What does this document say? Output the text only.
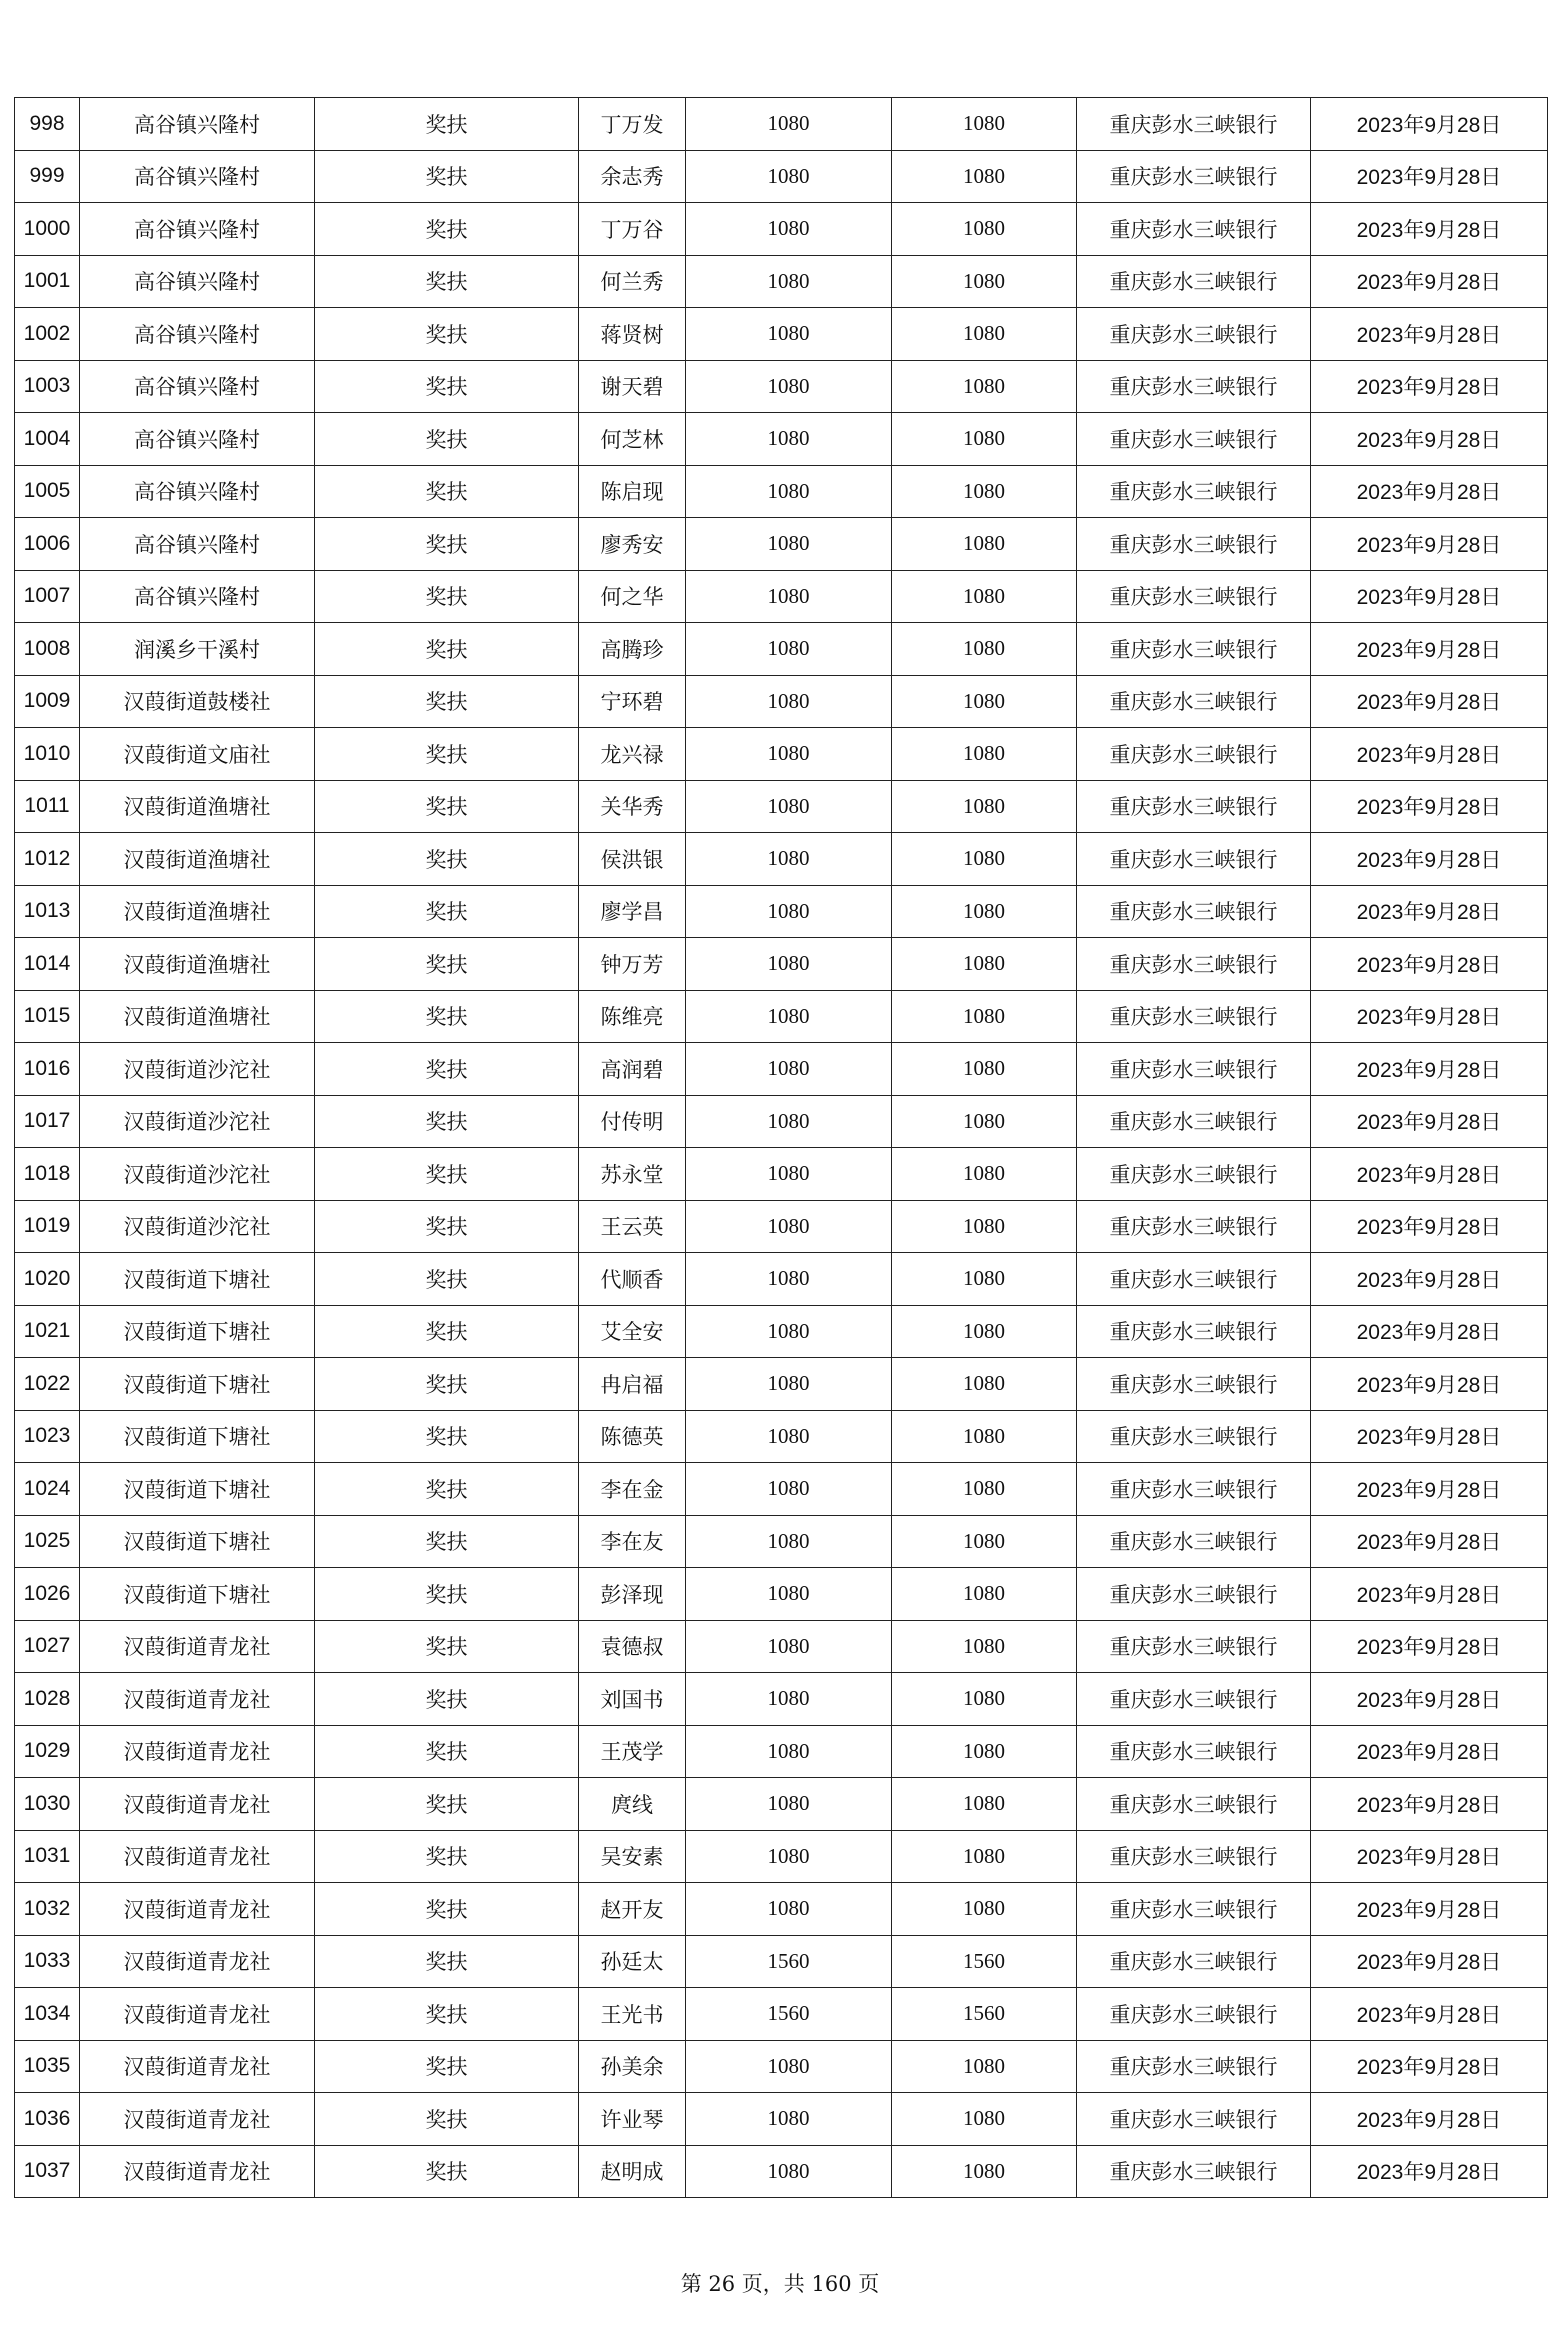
998	高谷镇兴隆村	奖扶	丁万发	1080	1080	重庆彭水三峡银行	2023年9月28日
999	高谷镇兴隆村	奖扶	余志秀	1080	1080	重庆彭水三峡银行	2023年9月28日
1000	高谷镇兴隆村	奖扶	丁万谷	1080	1080	重庆彭水三峡银行	2023年9月28日
1001	高谷镇兴隆村	奖扶	何兰秀	1080	1080	重庆彭水三峡银行	2023年9月28日
1002	高谷镇兴隆村	奖扶	蒋贤树	1080	1080	重庆彭水三峡银行	2023年9月28日
1003	高谷镇兴隆村	奖扶	谢天碧	1080	1080	重庆彭水三峡银行	2023年9月28日
1004	高谷镇兴隆村	奖扶	何芝林	1080	1080	重庆彭水三峡银行	2023年9月28日
1005	高谷镇兴隆村	奖扶	陈启现	1080	1080	重庆彭水三峡银行	2023年9月28日
1006	高谷镇兴隆村	奖扶	廖秀安	1080	1080	重庆彭水三峡银行	2023年9月28日
1007	高谷镇兴隆村	奖扶	何之华	1080	1080	重庆彭水三峡银行	2023年9月28日
1008	润溪乡干溪村	奖扶	高腾珍	1080	1080	重庆彭水三峡银行	2023年9月28日
1009	汉葭街道鼓楼社	奖扶	宁环碧	1080	1080	重庆彭水三峡银行	2023年9月28日
1010	汉葭街道文庙社	奖扶	龙兴禄	1080	1080	重庆彭水三峡银行	2023年9月28日
1011	汉葭街道渔塘社	奖扶	关华秀	1080	1080	重庆彭水三峡银行	2023年9月28日
1012	汉葭街道渔塘社	奖扶	侯洪银	1080	1080	重庆彭水三峡银行	2023年9月28日
1013	汉葭街道渔塘社	奖扶	廖学昌	1080	1080	重庆彭水三峡银行	2023年9月28日
1014	汉葭街道渔塘社	奖扶	钟万芳	1080	1080	重庆彭水三峡银行	2023年9月28日
1015	汉葭街道渔塘社	奖扶	陈维亮	1080	1080	重庆彭水三峡银行	2023年9月28日
1016	汉葭街道沙沱社	奖扶	高润碧	1080	1080	重庆彭水三峡银行	2023年9月28日
1017	汉葭街道沙沱社	奖扶	付传明	1080	1080	重庆彭水三峡银行	2023年9月28日
1018	汉葭街道沙沱社	奖扶	苏永堂	1080	1080	重庆彭水三峡银行	2023年9月28日
1019	汉葭街道沙沱社	奖扶	王云英	1080	1080	重庆彭水三峡银行	2023年9月28日
1020	汉葭街道下塘社	奖扶	代顺香	1080	1080	重庆彭水三峡银行	2023年9月28日
1021	汉葭街道下塘社	奖扶	艾全安	1080	1080	重庆彭水三峡银行	2023年9月28日
1022	汉葭街道下塘社	奖扶	冉启福	1080	1080	重庆彭水三峡银行	2023年9月28日
1023	汉葭街道下塘社	奖扶	陈德英	1080	1080	重庆彭水三峡银行	2023年9月28日
1024	汉葭街道下塘社	奖扶	李在金	1080	1080	重庆彭水三峡银行	2023年9月28日
1025	汉葭街道下塘社	奖扶	李在友	1080	1080	重庆彭水三峡银行	2023年9月28日
1026	汉葭街道下塘社	奖扶	彭泽现	1080	1080	重庆彭水三峡银行	2023年9月28日
1027	汉葭街道青龙社	奖扶	袁德叔	1080	1080	重庆彭水三峡银行	2023年9月28日
1028	汉葭街道青龙社	奖扶	刘国书	1080	1080	重庆彭水三峡银行	2023年9月28日
1029	汉葭街道青龙社	奖扶	王茂学	1080	1080	重庆彭水三峡银行	2023年9月28日
1030	汉葭街道青龙社	奖扶	庹线	1080	1080	重庆彭水三峡银行	2023年9月28日
1031	汉葭街道青龙社	奖扶	吴安素	1080	1080	重庆彭水三峡银行	2023年9月28日
1032	汉葭街道青龙社	奖扶	赵开友	1080	1080	重庆彭水三峡银行	2023年9月28日
1033	汉葭街道青龙社	奖扶	孙廷太	1560	1560	重庆彭水三峡银行	2023年9月28日
1034	汉葭街道青龙社	奖扶	王光书	1560	1560	重庆彭水三峡银行	2023年9月28日
1035	汉葭街道青龙社	奖扶	孙美余	1080	1080	重庆彭水三峡银行	2023年9月28日
1036	汉葭街道青龙社	奖扶	许业琴	1080	1080	重庆彭水三峡银行	2023年9月28日
1037	汉葭街道青龙社	奖扶	赵明成	1080	1080	重庆彭水三峡银行	2023年9月28日
第 26 页，共 160 页
